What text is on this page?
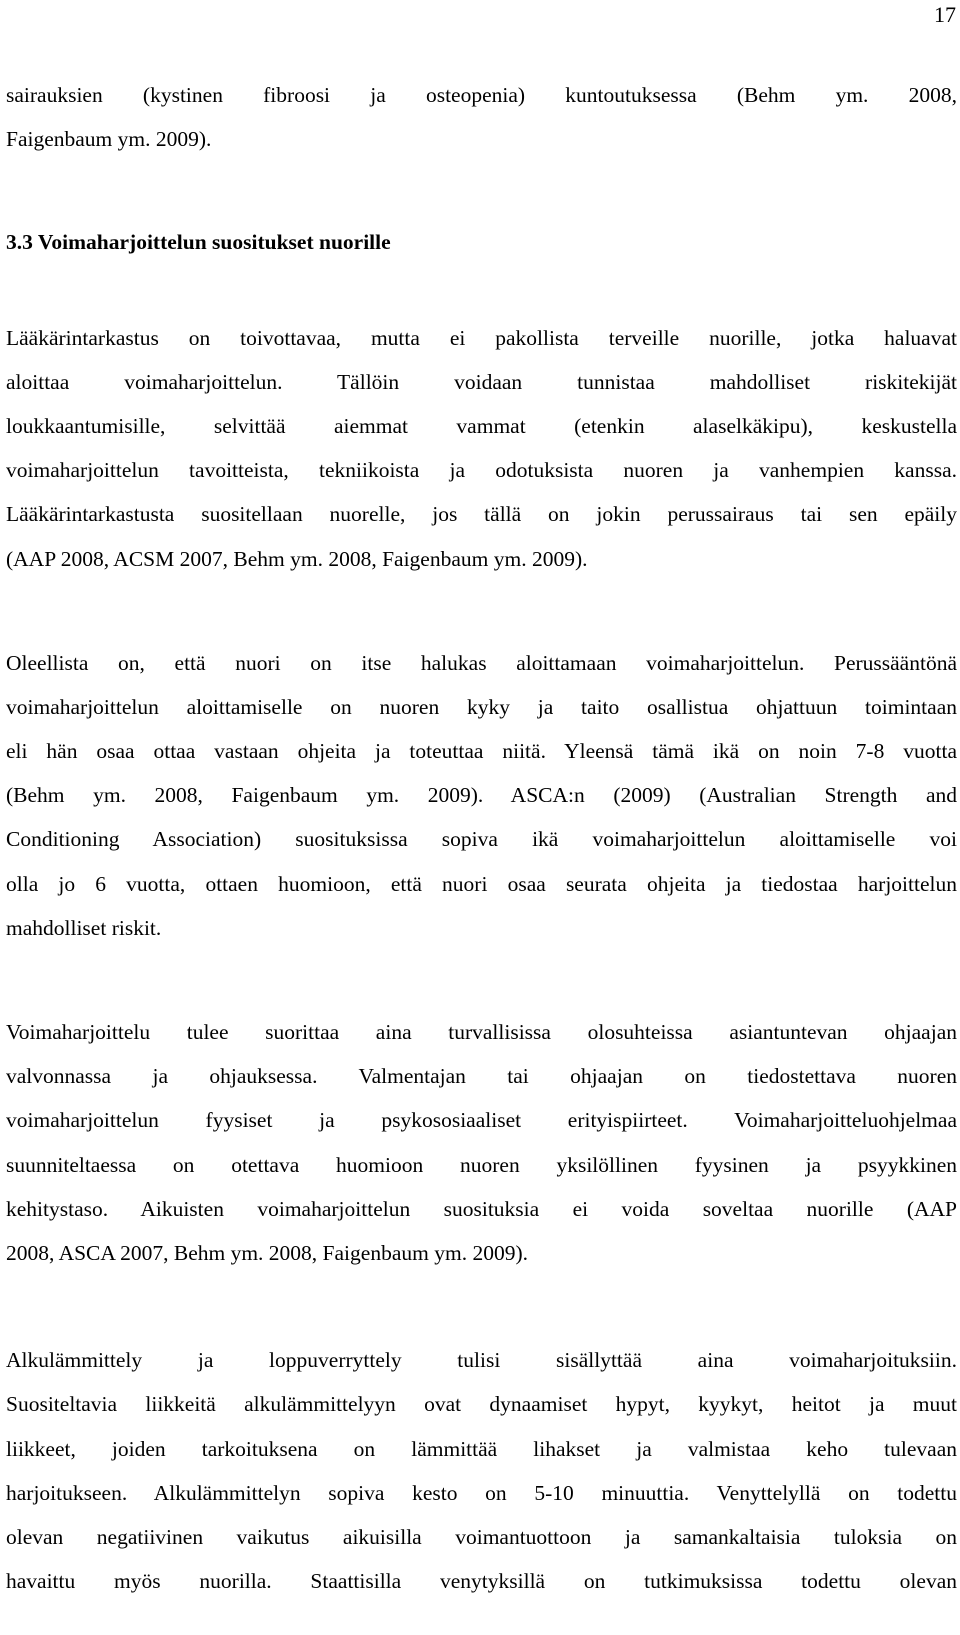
17

sairauksien (kystinen fibroosi ja osteopenia) kuntoutuksessa (Behm ym. 2008,
Faigenbaum ym. 2009).

3.3 Voimaharjoittelun suositukset nuorille

Lääkärintarkastus on toivottavaa, mutta ei pakollista terveille nuorille, jotka haluavat
aloittaa voimaharjoittelun. Tällöin voidaan tunnistaa mahdolliset riskitekijät
loukkaantumisille, selvittää aiemmat vammat (etenkin alaselkäkipu), keskustella
voimaharjoittelun tavoitteista, tekniikoista ja odotuksista nuoren ja vanhempien kanssa.
Lääkärintarkastusta suositellaan nuorelle, jos tällä on jokin perussairaus tai sen epäily
(AAP 2008, ACSM 2007, Behm ym. 2008, Faigenbaum ym. 2009).

Oleellista on, että nuori on itse halukas aloittamaan voimaharjoittelun. Perussääntönä
voimaharjoittelun aloittamiselle on nuoren kyky ja taito osallistua ohjattuun toimintaan
eli hän osaa ottaa vastaan ohjeita ja toteuttaa niitä. Yleensä tämä ikä on noin 7-8 vuotta
(Behm ym. 2008, Faigenbaum ym. 2009). ASCA:n (2009) (Australian Strength and
Conditioning Association) suosituksissa sopiva ikä voimaharjoittelun aloittamiselle voi
olla jo 6 vuotta, ottaen huomioon, että nuori osaa seurata ohjeita ja tiedostaa harjoittelun
mahdolliset riskit.

Voimaharjoittelu tulee suorittaa aina turvallisissa olosuhteissa asiantuntevan ohjaajan
valvonnassa ja ohjauksessa. Valmentajan tai ohjaajan on tiedostettava nuoren
voimaharjoittelun fyysiset ja psykososiaaliset erityispiirteet. Voimaharjoitteluohjelmaa
suunniteltaessa on otettava huomioon nuoren yksilöllinen fyysinen ja psyykkinen
kehitystaso. Aikuisten voimaharjoittelun suosituksia ei voida soveltaa nuorille (AAP
2008, ASCA 2007, Behm ym. 2008, Faigenbaum ym. 2009).

Alkulämmittely ja loppuverryttely tulisi sisällyttää aina voimaharjoituksiin.
Suositeltavia liikkeitä alkulämmittelyyn ovat dynaamiset hypyt, kyykyt, heitot ja muut
liikkeet, joiden tarkoituksena on lämmittää lihakset ja valmistaa keho tulevaan
harjoitukseen. Alkulämmittelyn sopiva kesto on 5-10 minuuttia. Venyttelyllä on todettu
olevan negatiivinen vaikutus aikuisilla voimantuottoon ja samankaltaisia tuloksia on
havaittu myös nuorilla. Staattisilla venytyksillä on tutkimuksissa todettu olevan
